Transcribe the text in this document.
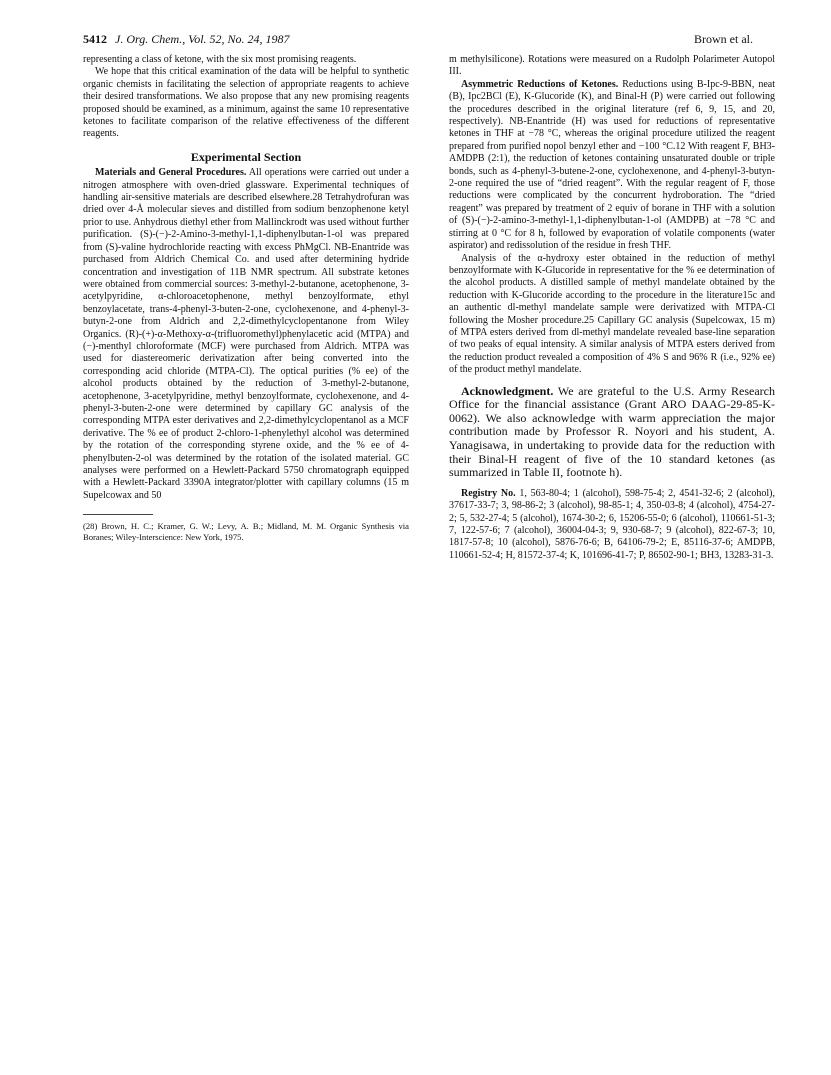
5412 J. Org. Chem., Vol. 52, No. 24, 1987	Brown et al.

representing a class of ketone, with the six most promising reagents.

We hope that this critical examination of the data will be helpful to synthetic organic chemists in facilitating the selection of appropriate reagents to achieve their desired transformations. We also propose that any new promising reagents proposed should be examined, as a minimum, against the same 10 representative ketones to facilitate comparison of the relative effectiveness of the different reagents.

Experimental Section

Materials and General Procedures. All operations were carried out under a nitrogen atmosphere with oven-dried glassware. Experimental techniques of handling air-sensitive materials are described elsewhere.28 Tetrahydrofuran was dried over 4-Å molecular sieves and distilled from sodium benzophenone ketyl prior to use. Anhydrous diethyl ether from Mallinckrodt was used without further purification. (S)-(−)-2-Amino-3-methyl-1,1-diphenylbutan-1-ol was prepared from (S)-valine hydrochloride reacting with excess PhMgCl. NB-Enantride was purchased from Aldrich Chemical Co. and used after determining hydride concentration and investigation of 11B NMR spectrum. All substrate ketones were obtained from commercial sources: 3-methyl-2-butanone, acetophenone, 3-acetylpyridine, α-chloroacetophenone, methyl benzoylformate, ethyl benzoylacetate, trans-4-phenyl-3-buten-2-one, cyclohexenone, and 4-phenyl-3-butyn-2-one from Aldrich and 2,2-dimethylcyclopentanone from Wiley Organics. (R)-(+)-α-Methoxy-α-(trifluoromethyl)phenylacetic acid (MTPA) and (−)-menthyl chloroformate (MCF) were purchased from Aldrich. MTPA was used for diastereomeric derivatization after being converted into the corresponding acid chloride (MTPA-Cl). The optical purities (% ee) of the alcohol products obtained by the reduction of 3-methyl-2-butanone, acetophenone, 3-acetylpyridine, methyl benzoylformate, cyclohexenone, and 4-phenyl-3-buten-2-one were determined by capillary GC analysis of the corresponding MTPA ester derivatives and 2,2-dimethylcyclopentanol as a MCF derivative. The % ee of product 2-chloro-1-phenylethyl alcohol was determined by the rotation of the corresponding styrene oxide, and the % ee of 4-phenylbuten-2-ol was determined by the rotation of the isolated material. GC analyses were performed on a Hewlett-Packard 5750 chromatograph equipped with a Hewlett-Packard 3390A integrator/plotter with capillary columns (15 m Supelcowax and 50

(28) Brown, H. C.; Kramer, G. W.; Levy, A. B.; Midland, M. M. Organic Synthesis via Boranes; Wiley-Interscience: New York, 1975.

m methylsilicone). Rotations were measured on a Rudolph Polarimeter Autopol III.

Asymmetric Reductions of Ketones. Reductions using B-Ipc-9-BBN, neat (B), Ipc2BCl (E), K-Glucoride (K), and Binal-H (P) were carried out following the procedures described in the original literature (ref 6, 9, 15, and 20, respectively). NB-Enantride (H) was used for reductions of representative ketones in THF at −78 °C, whereas the original procedure utilized the reagent prepared from purified nopol benzyl ether and −100 °C.12 With reagent F, BH3-AMDPB (2:1), the reduction of ketones containing unsaturated double or triple bonds, such as 4-phenyl-3-butene-2-one, cyclohexenone, and 4-phenyl-3-butyn-2-one required the use of “dried reagent”. With the regular reagent of F, those reductions were complicated by the concurrent hydroboration. The “dried reagent” was prepared by treatment of 2 equiv of borane in THF with a solution of (S)-(−)-2-amino-3-methyl-1,1-diphenylbutan-1-ol (AMDPB) at −78 °C and stirring at 0 °C for 8 h, followed by evaporation of volatile components (water aspirator) and redissolution of the residue in fresh THF.

Analysis of the α-hydroxy ester obtained in the reduction of methyl benzoylformate with K-Glucoride in representative for the % ee determination of the alcohol products. A distilled sample of methyl mandelate obtained by the reduction with K-Glucoride according to the procedure in the literature15c and an authentic dl-methyl mandelate sample were derivatized with MTPA-Cl following the Mosher procedure.25 Capillary GC analysis (Supelcowax, 15 m) of MTPA esters derived from dl-methyl mandelate revealed base-line separation of two peaks of equal intensity. A similar analysis of MTPA esters derived from the reduction product revealed a composition of 4% S and 96% R (i.e., 92% ee) of the product methyl mandelate.

Acknowledgment. We are grateful to the U.S. Army Research Office for the financial assistance (Grant ARO DAAG-29-85-K-0062). We also acknowledge with warm appreciation the major contribution made by Professor R. Noyori and his student, A. Yanagisawa, in undertaking to provide data for the reduction with their Binal-H reagent of five of the 10 standard ketones (as summarized in Table II, footnote h).

Registry No. 1, 563-80-4; 1 (alcohol), 598-75-4; 2, 4541-32-6; 2 (alcohol), 37617-33-7; 3, 98-86-2; 3 (alcohol), 98-85-1; 4, 350-03-8; 4 (alcohol), 4754-27-2; 5, 532-27-4; 5 (alcohol), 1674-30-2; 6, 15206-55-0; 6 (alcohol), 110661-51-3; 7, 122-57-6; 7 (alcohol), 36004-04-3; 9, 930-68-7; 9 (alcohol), 822-67-3; 10, 1817-57-8; 10 (alcohol), 5876-76-6; B, 64106-79-2; E, 85116-37-6; AMDPB, 110661-52-4; H, 81572-37-4; K, 101696-41-7; P, 86502-90-1; BH3, 13283-31-3.
